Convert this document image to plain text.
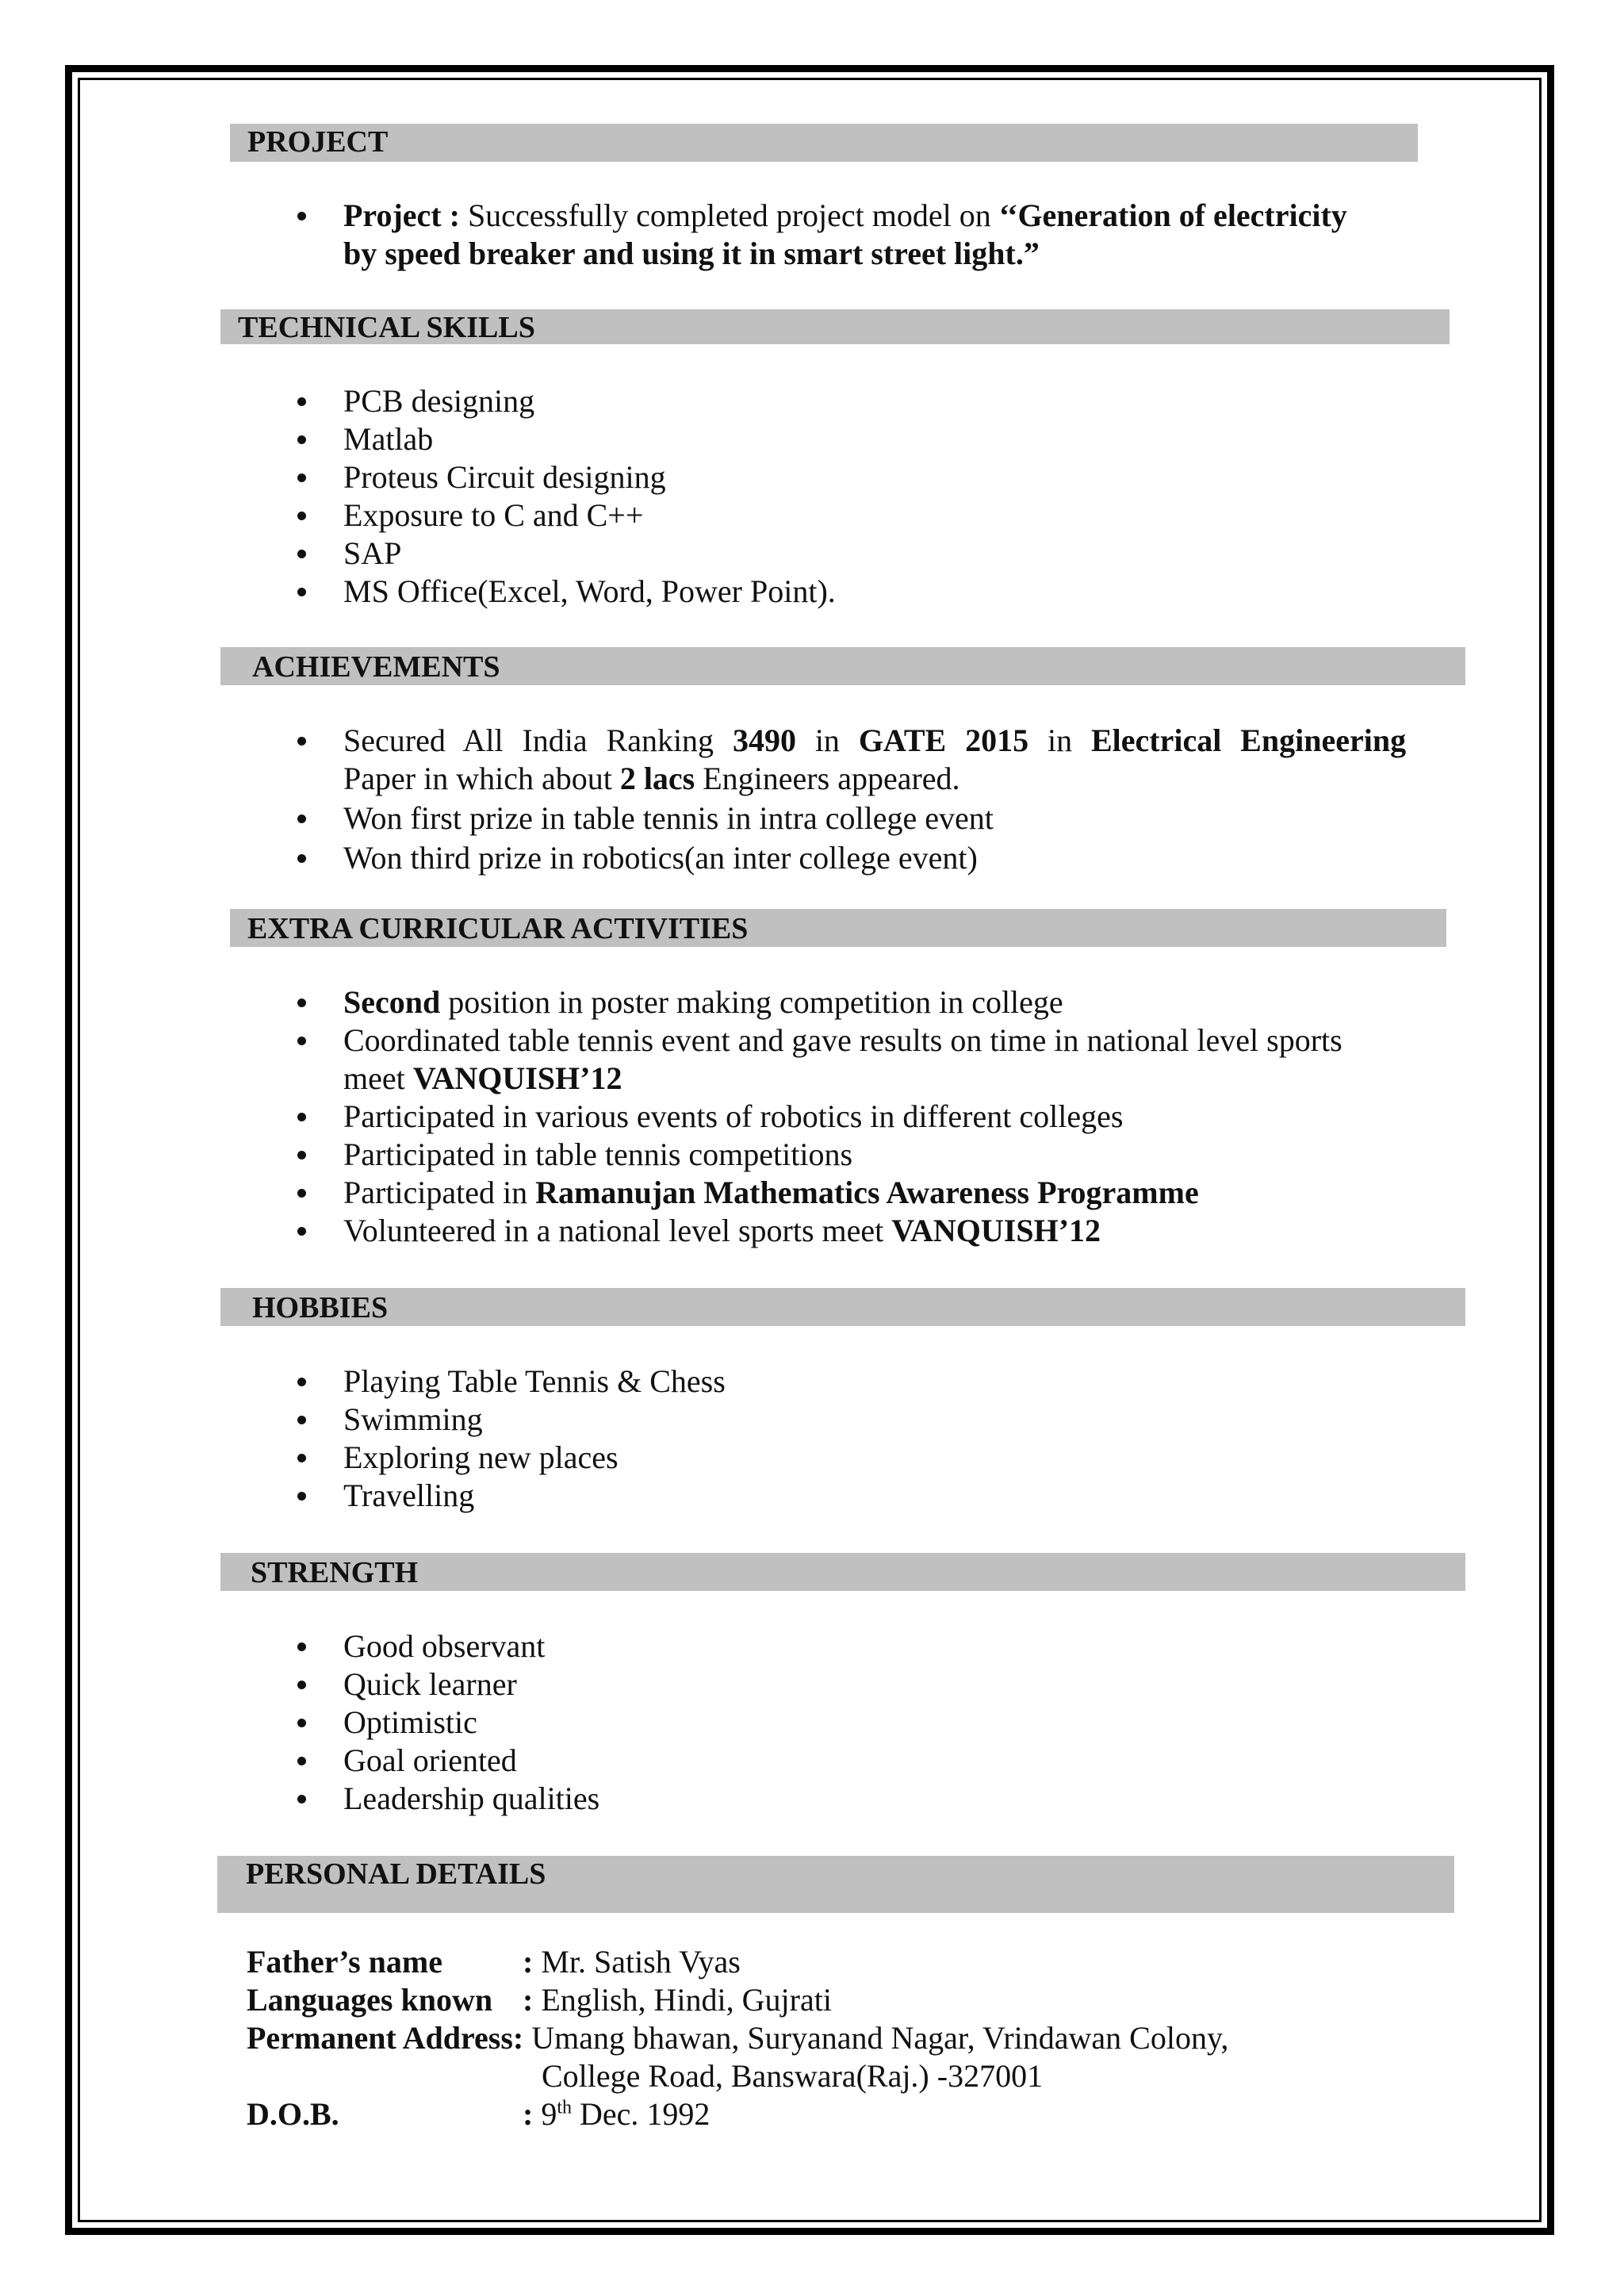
PROJECT
Project : Successfully completed project model on ‘‘Generation of electricity
by speed breaker and using it in smart street light.”
TECHNICAL SKILLS
PCB designing
Matlab
Proteus Circuit designing
Exposure to C and C++
SAP
MS Office(Excel, Word, Power Point).
ACHIEVEMENTS
Secured All India Ranking 3490 in GATE 2015 in Electrical Engineering
Paper in which about 2 lacs Engineers appeared.
Won first prize in table tennis in intra college event
Won third prize in robotics(an inter college event)
EXTRA CURRICULAR ACTIVITIES
Second position in poster making competition in college
Coordinated table tennis event and gave results on time in national level sports
meet VANQUISH’12
Participated in various events of robotics in different colleges
Participated in table tennis competitions
Participated in Ramanujan Mathematics Awareness Programme
Volunteered in a national level sports meet VANQUISH’12
HOBBIES
Playing Table Tennis & Chess
Swimming
Exploring new places
Travelling
STRENGTH
Good observant
Quick learner
Optimistic
Goal oriented
Leadership qualities
PERSONAL DETAILS
Father’s name	: Mr. Satish Vyas
Languages known : English, Hindi, Gujrati
Permanent Address: Umang bhawan, Suryanand Nagar, Vrindawan Colony,
College Road, Banswara(Raj.) -327001
D.O.B.	: 9th Dec. 1992
